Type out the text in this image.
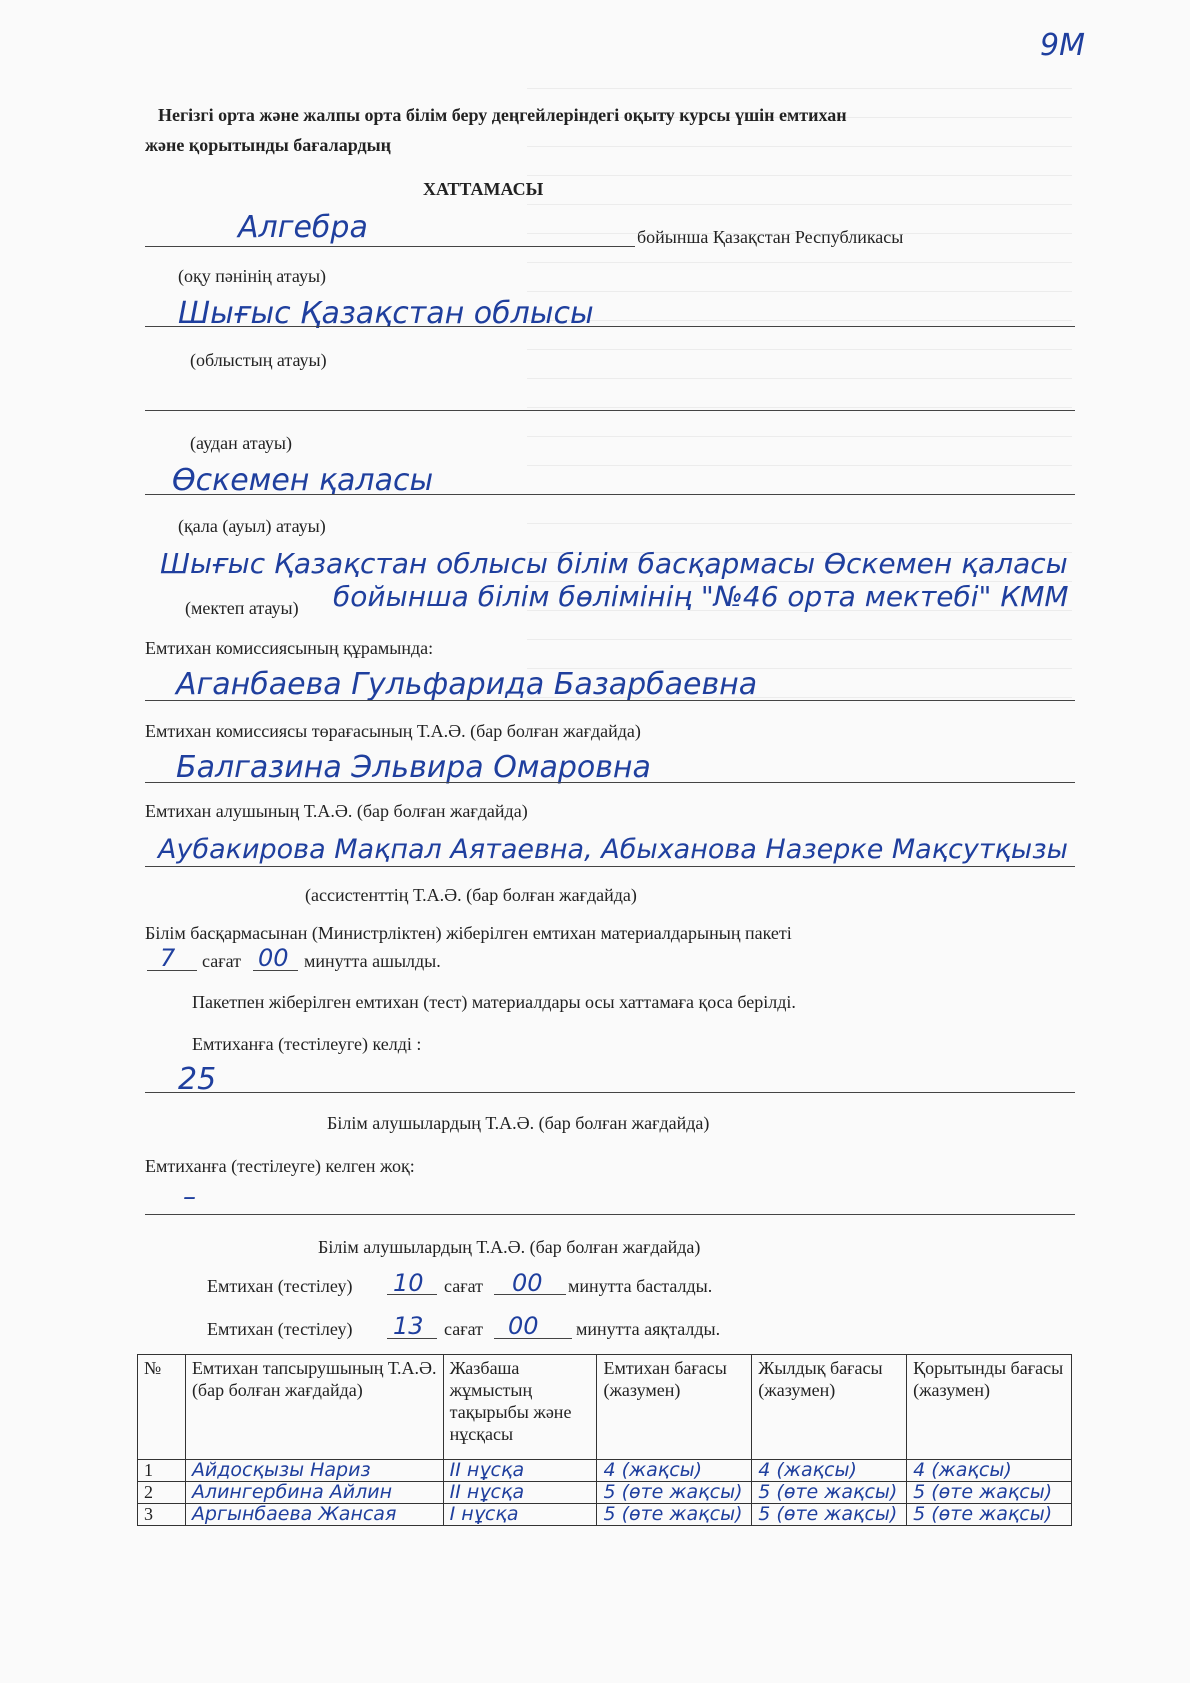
9M
Негізгі орта және жалпы орта білім беру деңгейлеріндегі оқыту курсы үшін емтихан
және қорытынды бағалардың
ХАТТАМАСЫ
Алгебра	бойынша Қазақстан Республикасы
(оқу пәнінің атауы)
Шығыс Қазақстан облысы
(облыстың атауы)
(аудан атауы)
Өскемен қаласы
(қала (ауыл) атауы)
Шығыс Қазақстан облысы білім басқармасы Өскемен қаласы
бойынша білім бөлімінің "№46 орта мектебі" КММ
(мектеп атауы)
Емтихан комиссиясының құрамында:
Аганбаева Гульфарида Базарбаевна
Емтихан комиссиясы төрағасының Т.А.Ә. (бар болған жағдайда)
Балгазина Эльвира Омаровна
Емтихан алушының Т.А.Ә. (бар болған жағдайда)
Аубакирова Мақпал Аятаевна, Абыханова Назерке Мақсутқызы
(ассистенттің Т.А.Ә. (бар болған жағдайда)
Білім басқармасынан (Министрліктен) жіберілген емтихан материалдарының пакеті
7 сағат 00 минутта ашылды.
Пакетпен жіберілген емтихан (тест) материалдары осы хаттамаға қоса берілді.
Емтиханға (тестілеуге) келді :
25
Білім алушылардың Т.А.Ә. (бар болған жағдайда)
Емтиханға (тестілеуге) келген жоқ:
–
Білім алушылардың Т.А.Ә. (бар болған жағдайда)
Емтихан (тестілеу) 10 сағат 00 минутта басталды.
Емтихан (тестілеу) 13 сағат 00 минутта аяқталды.
№	Емтихан тапсырушының Т.А.Ә. (бар болған жағдайда)	Жазбаша жұмыстың тақырыбы және нұсқасы	Емтихан бағасы (жазумен)	Жылдық бағасы (жазумен)	Қорытынды бағасы (жазумен)
1	Айдосқызы Нариз	II нұсқа	4 (жақсы)	4 (жақсы)	4 (жақсы)
2	Алингербина Айлин	II нұсқа	5 (өте жақсы)	5 (өте жақсы)	5 (өте жақсы)
3	Аргынбаева Жансая	I нұсқа	5 (өте жақсы)	5 (өте жақсы)	5 (өте жақсы)
